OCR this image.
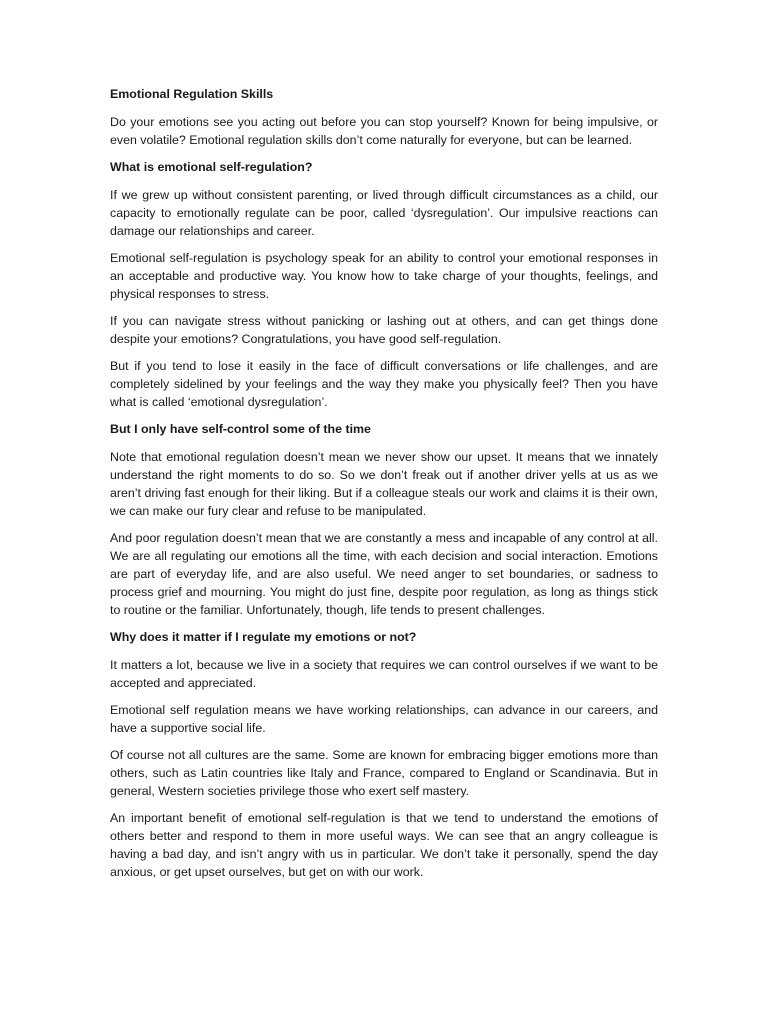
Emotional Regulation Skills
Do your emotions see you acting out before you can stop yourself? Known for being impulsive, or even volatile? Emotional regulation skills don’t come naturally for everyone, but can be learned.
What is emotional self-regulation?
If we grew up without consistent parenting, or lived through difficult circumstances as a child, our capacity to emotionally regulate can be poor, called ‘dysregulation’. Our impulsive reactions can damage our relationships and career.
Emotional self-regulation is psychology speak for an ability to control your emotional responses in an acceptable and productive way. You know how to take charge of your thoughts, feelings, and physical responses to stress.
If you can navigate stress without panicking or lashing out at others, and can get things done despite your emotions? Congratulations, you have good self-regulation.
But if you tend to lose it easily in the face of difficult conversations or life challenges, and are completely sidelined by your feelings and the way they make you physically feel? Then you have what is called ‘emotional dysregulation’.
But I only have self-control some of the time
Note that emotional regulation doesn’t mean we never show our upset. It means that we innately understand the right moments to do so. So we don’t freak out if another driver yells at us as we aren’t driving fast enough for their liking. But if a colleague steals our work and claims it is their own, we can make our fury clear and refuse to be manipulated.
And poor regulation doesn’t mean that we are constantly a mess and incapable of any control at all. We are all regulating our emotions all the time, with each decision and social interaction. Emotions are part of everyday life, and are also useful. We need anger to set boundaries, or sadness to process grief and mourning. You might do just fine, despite poor regulation, as long as things stick to routine or the familiar. Unfortunately, though, life tends to present challenges.
Why does it matter if I regulate my emotions or not?
It matters a lot, because we live in a society that requires we can control ourselves if we want to be accepted and appreciated.
Emotional self regulation means we have working relationships, can advance in our careers, and have a supportive social life.
Of course not all cultures are the same. Some are known for embracing bigger emotions more than others, such as Latin countries like Italy and France, compared to England or Scandinavia. But in general, Western societies privilege those who exert self mastery.
An important benefit of emotional self-regulation is that we tend to understand the emotions of others better and respond to them in more useful ways. We can see that an angry colleague is having a bad day, and isn’t angry with us in particular. We don’t take it personally, spend the day anxious, or get upset ourselves, but get on with our work.
